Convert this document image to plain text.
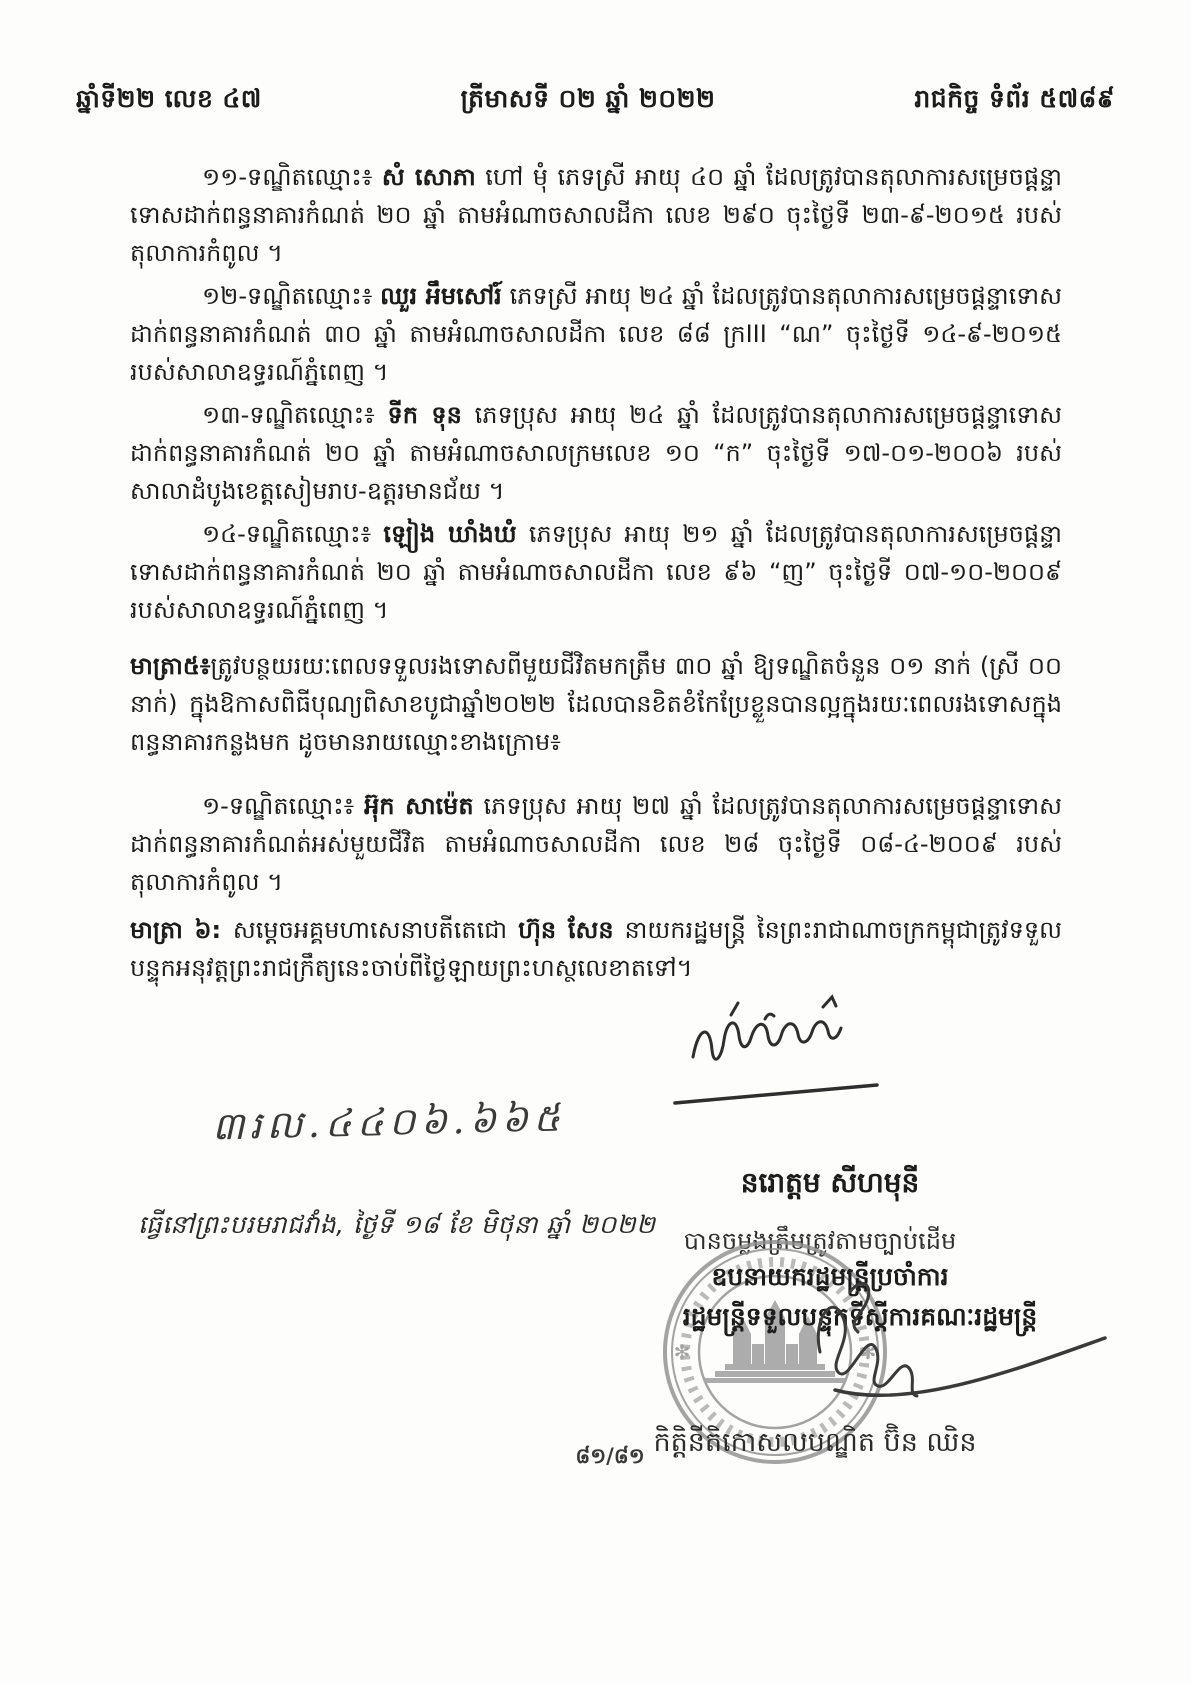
ឆ្នាំទី២២ លេខ ៤៧	ត្រីមាសទី ០២ ឆ្នាំ ២០២២	រាជកិច្ច ទំព័រ ៥៧៨៩

១១-ទណ្ឌិតឈ្មោះ៖ សំ សោភា ហៅ មុំ ភេទស្រី អាយុ ៤០ ឆ្នាំ ដែលត្រូវបានតុលាការសម្រេចផ្តន្ទាទោសដាក់ពន្ធនាគារកំណត់ ២០ ឆ្នាំ តាមអំណាចសាលដីកា លេខ ២៩០ ចុះថ្ងៃទី ២៣-៩-២០១៥ របស់តុលាការកំពូល ។

១២-ទណ្ឌិតឈ្មោះ៖ ឈួរ អឹមសៅរ៍ ភេទស្រី អាយុ ២៤ ឆ្នាំ ដែលត្រូវបានតុលាការសម្រេចផ្តន្ទាទោសដាក់ពន្ធនាគារកំណត់ ៣០ ឆ្នាំ តាមអំណាចសាលដីកា លេខ ៨៨ ក្រIII “ណ” ចុះថ្ងៃទី ១៤-៩-២០១៥ របស់សាលាឧទ្ធរណ៍ភ្នំពេញ ។

១៣-ទណ្ឌិតឈ្មោះ៖ ទីក ទុន ភេទប្រុស អាយុ ២៤ ឆ្នាំ ដែលត្រូវបានតុលាការសម្រេចផ្តន្ទាទោសដាក់ពន្ធនាគារកំណត់ ២០ ឆ្នាំ តាមអំណាចសាលក្រមលេខ ១០ “ក” ចុះថ្ងៃទី ១៧-០១-២០០៦ របស់សាលាដំបូងខេត្តសៀមរាប-ឧត្តរមានជ័យ ។

១៤-ទណ្ឌិតឈ្មោះ៖ ឡៀង ឃាំងឃំ ភេទប្រុស អាយុ ២១ ឆ្នាំ ដែលត្រូវបានតុលាការសម្រេចផ្តន្ទាទោសដាក់ពន្ធនាគារកំណត់ ២០ ឆ្នាំ តាមអំណាចសាលដីកា លេខ ៩៦ “ញ” ចុះថ្ងៃទី ០៧-១០-២០០៩ របស់សាលាឧទ្ធរណ៍ភ្នំពេញ ។

មាត្រា៥៖ត្រូវបន្ថយរយៈពេលទទួលរងទោសពីមួយជីវិតមកត្រឹម ៣០ ឆ្នាំ ឱ្យទណ្ឌិតចំនួន ០១ នាក់ (ស្រី ០០ នាក់) ក្នុងឱកាសពិធីបុណ្យពិសាខបូជាឆ្នាំ២០២២ ដែលបានខិតខំកែប្រែខ្លួនបានល្អក្នុងរយៈពេលរងទោសក្នុងពន្ធនាគារកន្លងមក ដូចមានរាយឈ្មោះខាងក្រោម៖

១-ទណ្ឌិតឈ្មោះ៖ អ៊ុក សាម៉េត ភេទប្រុស អាយុ ២៧ ឆ្នាំ ដែលត្រូវបានតុលាការសម្រេចផ្តន្ទាទោសដាក់ពន្ធនាគារកំណត់អស់មួយជីវិត តាមអំណាចសាលដីកា លេខ ២៨ ចុះថ្ងៃទី ០៨-៤-២០០៩ របស់តុលាការកំពូល ។

មាត្រា ៦: សម្តេចអគ្គមហាសេនាបតីតេជោ ហ៊ុន សែន នាយករដ្ឋមន្ត្រី នៃព្រះរាជាណាចក្រកម្ពុជាត្រូវទទួលបន្ទុកអនុវត្តព្រះរាជក្រឹត្យនេះចាប់ពីថ្ងៃឡាយព្រះហស្ថលេខាតទៅ។

៣រល.៤៤០៦.៦៦៥
នរោត្តម សីហមុនី
ធ្វើនៅព្រះបរមរាជវាំង, ថ្ងៃទី ១៨ ខែ មិថុនា ឆ្នាំ ២០២២
បានចម្លងត្រឹមត្រូវតាមច្បាប់ដើម
ឧបនាយករដ្ឋមន្ត្រីប្រចាំការ
រដ្ឋមន្ត្រីទទួលបន្ទុកទីស្តីការគណៈរដ្ឋមន្ត្រី
✻	✻
កិត្តិនីតិកោសលបណ្ឌិត ប៊ិន ឈិន
៨១/៨១
